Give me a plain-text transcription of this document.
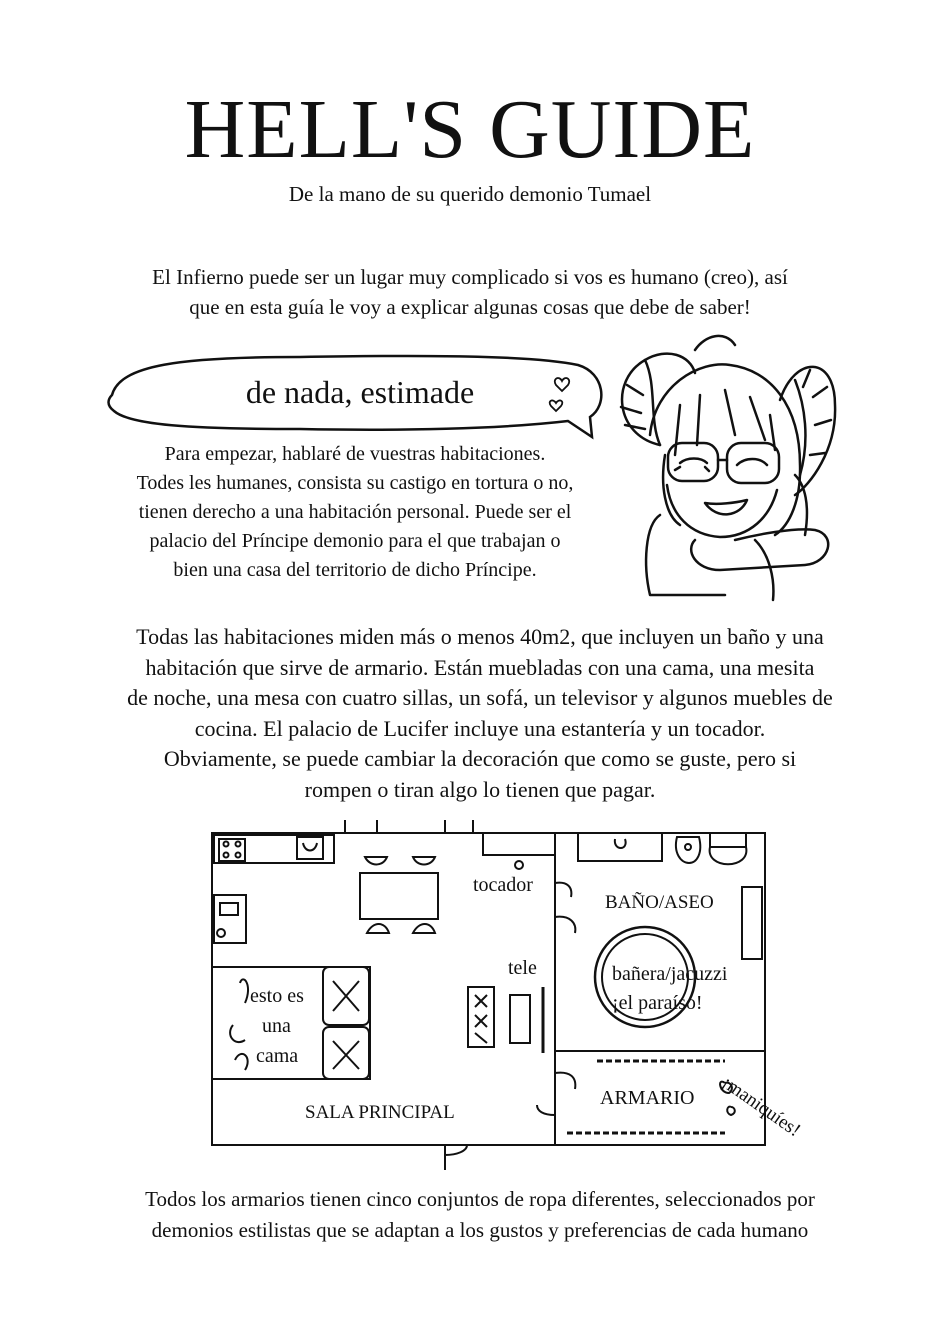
HELL'S GUIDE
De la mano de su querido demonio Tumael
El Infierno puede ser un lugar muy complicado si vos es humano (creo), así
que en esta guía le voy a explicar algunas cosas que debe de saber!
de nada, estimade
Para empezar, hablaré de vuestras habitaciones.
Todes les humanes, consista su castigo en tortura o no,
tienen derecho a una habitación personal. Puede ser el
palacio del Príncipe demonio para el que trabajan o
bien una casa del territorio de dicho Príncipe.
Todas las habitaciones miden más o menos 40m2, que incluyen un baño y una
habitación que sirve de armario. Están muebladas con una cama, una mesita
de noche, una mesa con cuatro sillas, un sofá, un televisor y algunos muebles de
cocina. El palacio de Lucifer incluye una estantería y un tocador.
Obviamente, se puede cambiar la decoración que como se guste, pero si
rompen o tiran algo lo tienen que pagar.
tocador
BAÑO/ASEO
tele	bañera/jacuzzi
¡el paraíso!
esto es
una
cama
ARMARIO ¡maniquíes!
SALA PRINCIPAL
Todos los armarios tienen cinco conjuntos de ropa diferentes, seleccionados por
demonios estilistas que se adaptan a los gustos y preferencias de cada humano
